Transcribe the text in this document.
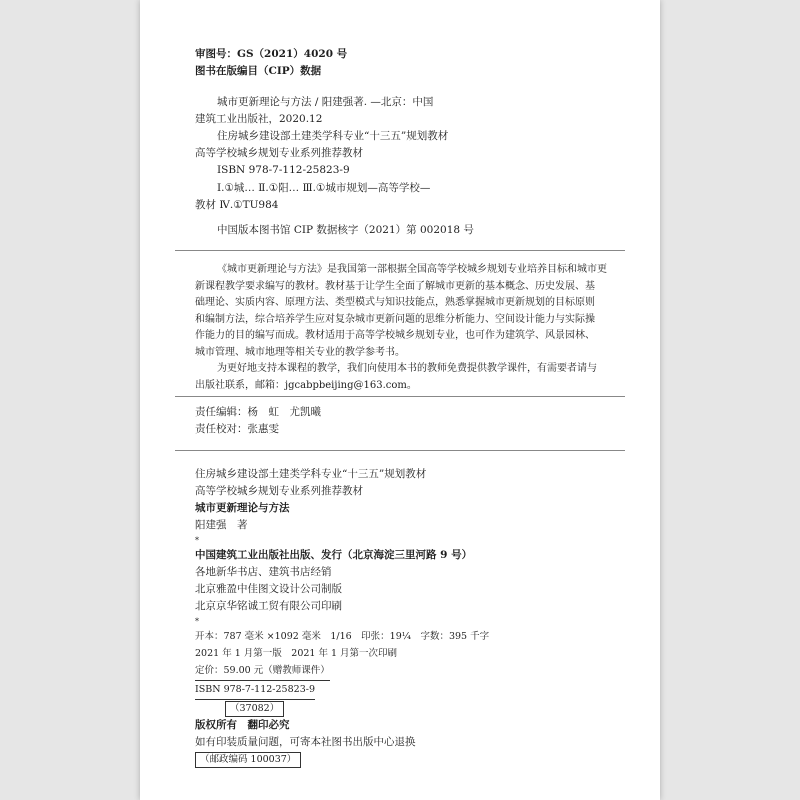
审图号：GS（2021）4020 号
图书在版编目（CIP）数据
城市更新理论与方法 / 阳建强著. —北京：中国
建筑工业出版社，2020.12
住房城乡建设部土建类学科专业“十三五”规划教材
高等学校城乡规划专业系列推荐教材
ISBN 978-7-112-25823-9
Ⅰ.①城… Ⅱ.①阳… Ⅲ.①城市规划—高等学校—
教材 Ⅳ.①TU984
中国版本图书馆 CIP 数据核字（2021）第 002018 号
《城市更新理论与方法》是我国第一部根据全国高等学校城乡规划专业培养目标和城市更
新课程教学要求编写的教材。教材基于让学生全面了解城市更新的基本概念、历史发展、基
础理论、实质内容、原理方法、类型模式与知识技能点，熟悉掌握城市更新规划的目标原则
和编制方法，综合培养学生应对复杂城市更新问题的思维分析能力、空间设计能力与实际操
作能力的目的编写而成。教材适用于高等学校城乡规划专业，也可作为建筑学、风景园林、
城市管理、城市地理等相关专业的教学参考书。
为更好地支持本课程的教学，我们向使用本书的教师免费提供教学课件，有需要者请与
出版社联系，邮箱：jgcabpbeijing@163.com。
责任编辑：杨　虹　尤凯曦
责任校对：张惠雯
住房城乡建设部土建类学科专业“十三五”规划教材
高等学校城乡规划专业系列推荐教材
城市更新理论与方法
阳建强　著
*
中国建筑工业出版社出版、发行（北京海淀三里河路 9 号）
各地新华书店、建筑书店经销
北京雅盈中佳图文设计公司制版
北京京华铭诚工贸有限公司印刷
*
开本：787 毫米 ×1092 毫米　1/16　印张：19¼　字数：395 千字
2021 年 1 月第一版　2021 年 1 月第一次印刷
定价：59.00 元（赠教师课件）
ISBN 978-7-112-25823-9
（37082）
版权所有　翻印必究
如有印装质量问题，可寄本社图书出版中心退换
（邮政编码 100037）
